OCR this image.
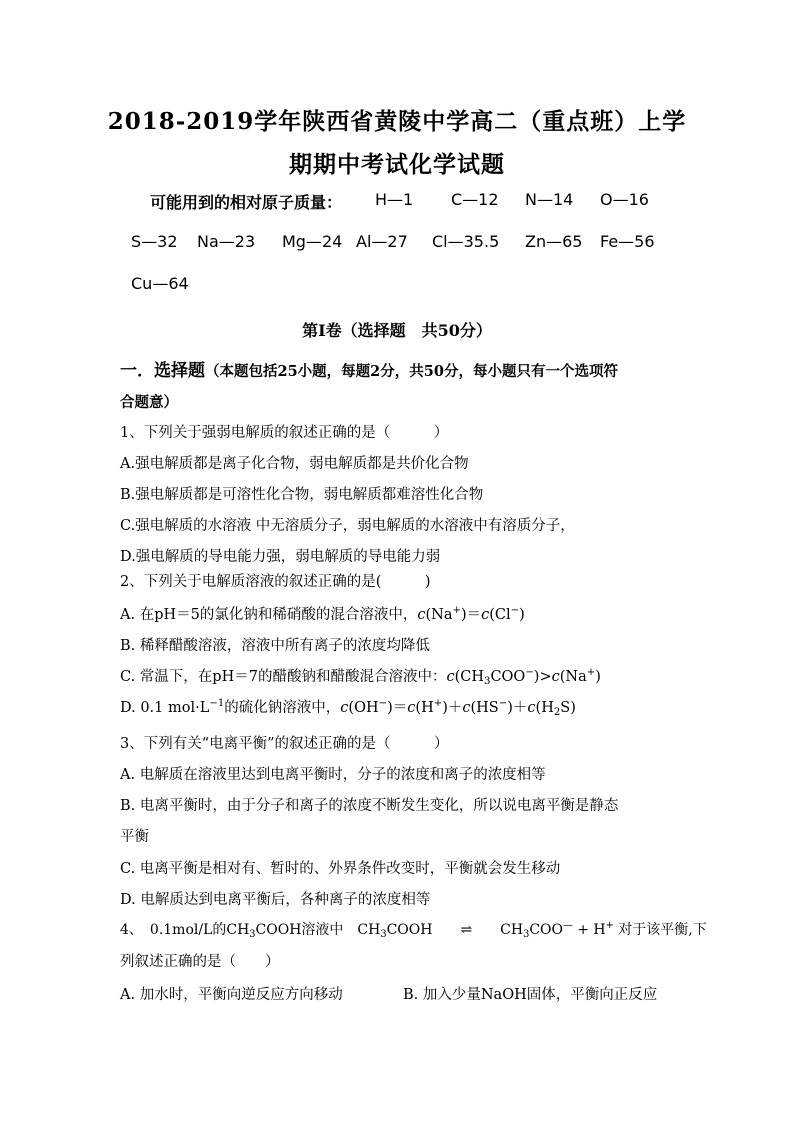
2018-2019学年陕西省黄陵中学高二（重点班）上学
期期中考试化学试题
可能用到的相对原子质量： H—1 C—12 N—14 O—16
S—32 Na—23 Mg—24 Al—27 Cl—35.5 Zn—65 Fe—56
Cu—64
第Ⅰ卷（选择题　共50分）
一．选择题（本题包括25小题，每题2分，共50分，每小题只有一个选项符
合题意）
1、下列关于强弱电解质的叙述正确的是（　　　）
A.强电解质都是离子化合物，弱电解质都是共价化合物
B.强电解质都是可溶性化合物，弱电解质都难溶性化合物
C.强电解质的水溶液 中无溶质分子，弱电解质的水溶液中有溶质分子，
D.强电解质的导电能力强，弱电解质的导电能力弱
2、下列关于电解质溶液的叙述正确的是(　　　)
A. 在pH＝5的氯化钠和稀硝酸的混合溶液中，c(Na+)＝c(Cl−)
B. 稀释醋酸溶液，溶液中所有离子的浓度均降低
C. 常温下，在pH＝7的醋酸钠和醋酸混合溶液中：$c(CH_3COO^-)>c(Na^+)$
D. 0.1 $mol\cdot L^{-1}$的硫化钠溶液中，$c(OH^-)=c(H^+)+c(HS^-)+c(H_2S)$
3、下列有关“电离平衡”的叙述正确的是（　　　）
A. 电解质在溶液里达到电离平衡时，分子的浓度和离子的浓度相等
B. 电离平衡时，由于分子和离子的浓度不断发生变化，所以说电离平衡是静态
平衡
C. 电离平衡是相对有、暂时的、外界条件改变时，平衡就会发生移动
D. 电解质达到电离平衡后，各种离子的浓度相等
4、　0.1mol/L的$CH_3COOH$溶液中　$CH_3COOH$　　⇌　　$CH_3COO^— + H^+$ 对于该平衡,下
列叙述正确的是（　　）
A. 加水时，平衡向逆反应方向移动	B. 加入少量NaOH固体，平衡向正反应
